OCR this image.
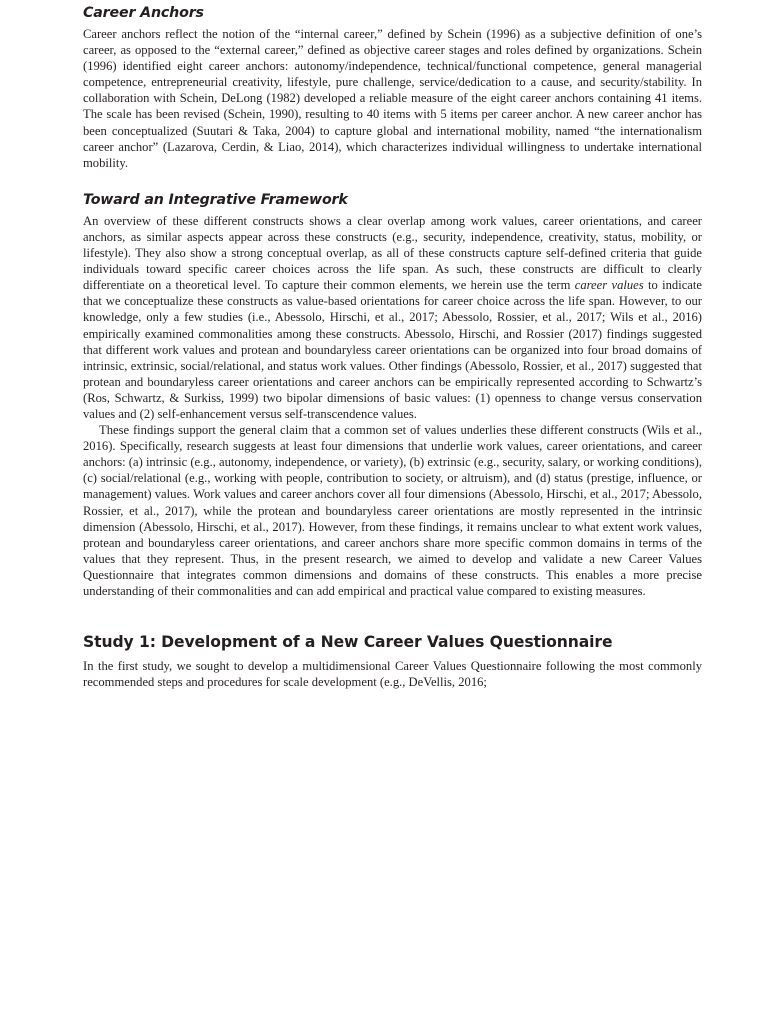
Career Anchors

Career anchors reflect the notion of the “internal career,” defined by Schein (1996) as a subjective definition of one’s career, as opposed to the “external career,” defined as objective career stages and roles defined by organizations. Schein (1996) identified eight career anchors: autonomy/independence, technical/functional competence, general managerial competence, entrepreneurial creativity, lifestyle, pure challenge, service/dedication to a cause, and security/stability. In collaboration with Schein, DeLong (1982) developed a reliable measure of the eight career anchors containing 41 items. The scale has been revised (Schein, 1990), resulting to 40 items with 5 items per career anchor. A new career anchor has been conceptualized (Suutari & Taka, 2004) to capture global and international mobility, named “the internationalism career anchor” (Lazarova, Cerdin, & Liao, 2014), which characterizes individual willingness to undertake international mobility.

Toward an Integrative Framework

An overview of these different constructs shows a clear overlap among work values, career orientations, and career anchors, as similar aspects appear across these constructs (e.g., security, independence, creativity, status, mobility, or lifestyle). They also show a strong conceptual overlap, as all of these constructs capture self-defined criteria that guide individuals toward specific career choices across the life span. As such, these constructs are difficult to clearly differentiate on a theoretical level. To capture their common elements, we herein use the term career values to indicate that we conceptualize these constructs as value-based orientations for career choice across the life span. However, to our knowledge, only a few studies (i.e., Abessolo, Hirschi, et al., 2017; Abessolo, Rossier, et al., 2017; Wils et al., 2016) empirically examined commonalities among these constructs. Abessolo, Hirschi, and Rossier (2017) findings suggested that different work values and protean and boundaryless career orientations can be organized into four broad domains of intrinsic, extrinsic, social/relational, and status work values. Other findings (Abessolo, Rossier, et al., 2017) suggested that protean and boundaryless career orientations and career anchors can be empirically represented according to Schwartz’s (Ros, Schwartz, & Surkiss, 1999) two bipolar dimensions of basic values: (1) openness to change versus conservation values and (2) self-enhancement versus self-transcendence values.

These findings support the general claim that a common set of values underlies these different constructs (Wils et al., 2016). Specifically, research suggests at least four dimensions that underlie work values, career orientations, and career anchors: (a) intrinsic (e.g., autonomy, independence, or variety), (b) extrinsic (e.g., security, salary, or working conditions), (c) social/relational (e.g., working with people, contribution to society, or altruism), and (d) status (prestige, influence, or management) values. Work values and career anchors cover all four dimensions (Abessolo, Hirschi, et al., 2017; Abessolo, Rossier, et al., 2017), while the protean and boundaryless career orientations are mostly represented in the intrinsic dimension (Abessolo, Hirschi, et al., 2017). However, from these findings, it remains unclear to what extent work values, protean and boundaryless career orientations, and career anchors share more specific common domains in terms of the values that they represent. Thus, in the present research, we aimed to develop and validate a new Career Values Questionnaire that integrates common dimensions and domains of these constructs. This enables a more precise understanding of their commonalities and can add empirical and practical value compared to existing measures.

Study 1: Development of a New Career Values Questionnaire

In the first study, we sought to develop a multidimensional Career Values Questionnaire following the most commonly recommended steps and procedures for scale development (e.g., DeVellis, 2016;
